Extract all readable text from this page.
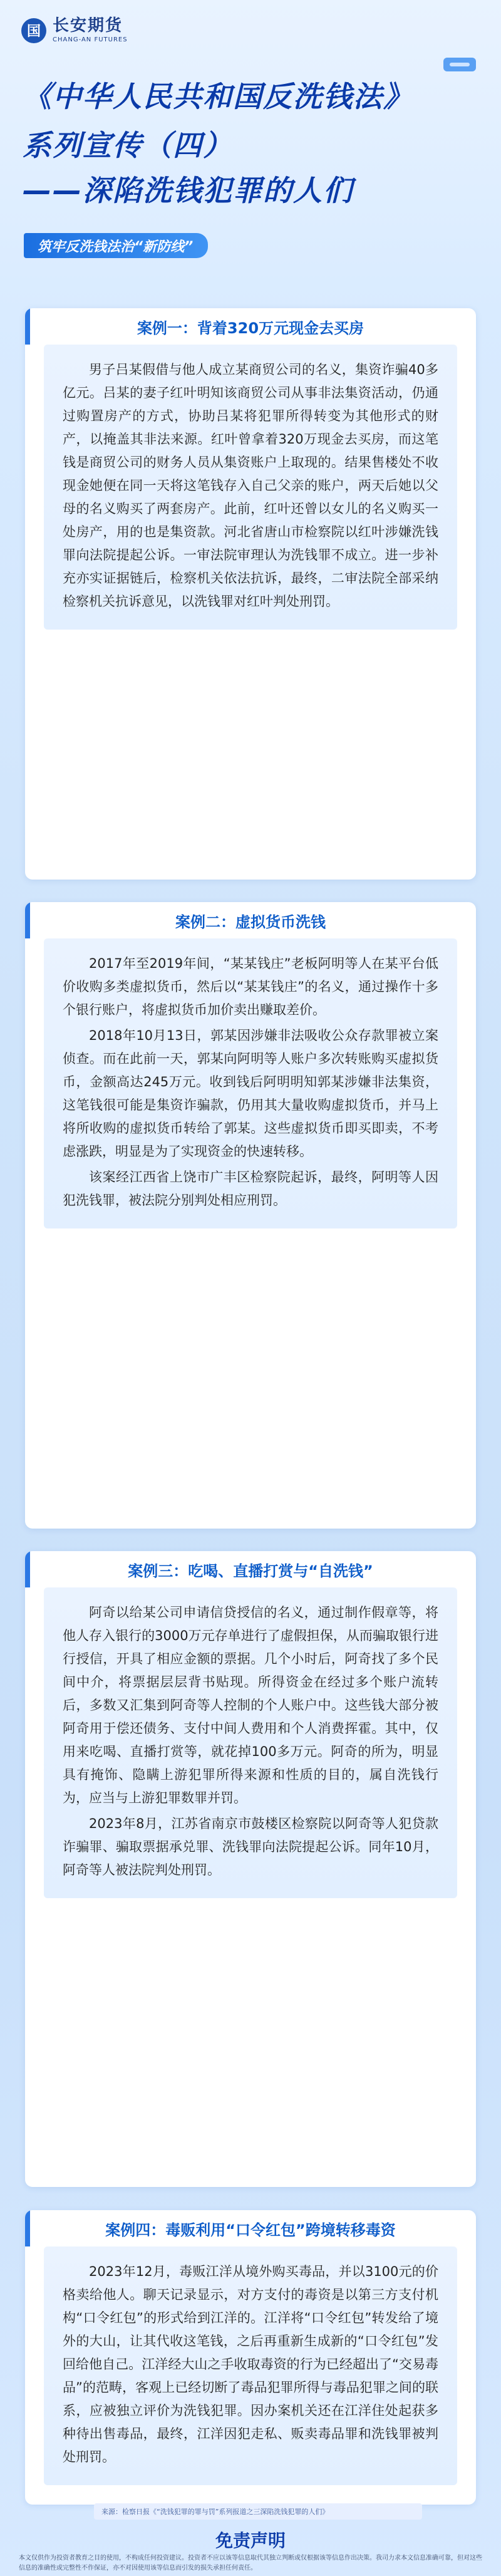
国 长安期货
CHANG-AN FUTURES
《中华人民共和国反洗钱法》
系列宣传（四）
——深陷洗钱犯罪的人们
筑牢反洗钱法治“新防线”
案例一：背着320万元现金去买房

男子吕某假借与他人成立某商贸公司的名义，集资诈骗40多亿元。吕某的妻子红叶明知该商贸公司从事非法集资活动，仍通过购置房产的方式，协助吕某将犯罪所得转变为其他形式的财产，以掩盖其非法来源。红叶曾拿着320万现金去买房，而这笔钱是商贸公司的财务人员从集资账户上取现的。结果售楼处不收现金她便在同一天将这笔钱存入自己父亲的账户，两天后她以父母的名义购买了两套房产。此前，红叶还曾以女儿的名义购买一处房产，用的也是集资款。河北省唐山市检察院以红叶涉嫌洗钱罪向法院提起公诉。一审法院审理认为洗钱罪不成立。进一步补充亦实证据链后，检察机关依法抗诉，最终，二审法院全部采纳检察机关抗诉意见，以洗钱罪对红叶判处刑罚。

案例二：虚拟货币洗钱

2017年至2019年间，“某某钱庄”老板阿明等人在某平台低价收购多类虚拟货币，然后以“某某钱庄”的名义，通过操作十多个银行账户，将虚拟货币加价卖出赚取差价。

2018年10月13日，郭某因涉嫌非法吸收公众存款罪被立案侦查。而在此前一天，郭某向阿明等人账户多次转账购买虚拟货币，金额高达245万元。收到钱后阿明明知郭某涉嫌非法集资，这笔钱很可能是集资诈骗款，仍用其大量收购虚拟货币，并马上将所收购的虚拟货币转给了郭某。这些虚拟货币即买即卖，不考虑涨跌，明显是为了实现资金的快速转移。

该案经江西省上饶市广丰区检察院起诉，最终，阿明等人因犯洗钱罪，被法院分别判处相应刑罚。

案例三：吃喝、直播打赏与“自洗钱”

阿奇以给某公司申请信贷授信的名义，通过制作假章等，将他人存入银行的3000万元存单进行了虚假担保，从而骗取银行进行授信，开具了相应金额的票据。几个小时后，阿奇找了多个民间中介，将票据层层背书贴现。所得资金在经过多个账户流转后，多数又汇集到阿奇等人控制的个人账户中。这些钱大部分被阿奇用于偿还债务、支付中间人费用和个人消费挥霍。其中，仅用来吃喝、直播打赏等，就花掉100多万元。阿奇的所为，明显具有掩饰、隐瞒上游犯罪所得来源和性质的目的，属自洗钱行为，应当与上游犯罪数罪并罚。

2023年8月，江苏省南京市鼓楼区检察院以阿奇等人犯贷款诈骗罪、骗取票据承兑罪、洗钱罪向法院提起公诉。同年10月，阿奇等人被法院判处刑罚。

案例四：毒贩利用“口令红包”跨境转移毒资

2023年12月，毒贩江洋从境外购买毒品，并以3100元的价格卖给他人。聊天记录显示，对方支付的毒资是以第三方支付机构“口令红包”的形式给到江洋的。江洋将“口令红包”转发给了境外的大山，让其代收这笔钱，之后再重新生成新的“口令红包”发回给他自己。江洋经大山之手收取毒资的行为已经超出了“交易毒品”的范畴，客观上已经切断了毒品犯罪所得与毒品犯罪之间的联系，应被独立评价为洗钱犯罪。因办案机关还在江洋住处起获多种待出售毒品，最终，江洋因犯走私、贩卖毒品罪和洗钱罪被判处刑罚。

来源：检察日报《“洗钱犯罪的罪与罚”系列报道之三深陷洗钱犯罪的人们》
免责声明
本文仅供作为投资者教育之目的使用，不构成任何投资建议。投资者不应以该等信息取代其独立判断或仅根据该等信息作出决策。我司力求本文信息准确可靠，但对这些信息的准确性或完整性不作保证，亦不对因使用该等信息而引发的损失承担任何责任。
